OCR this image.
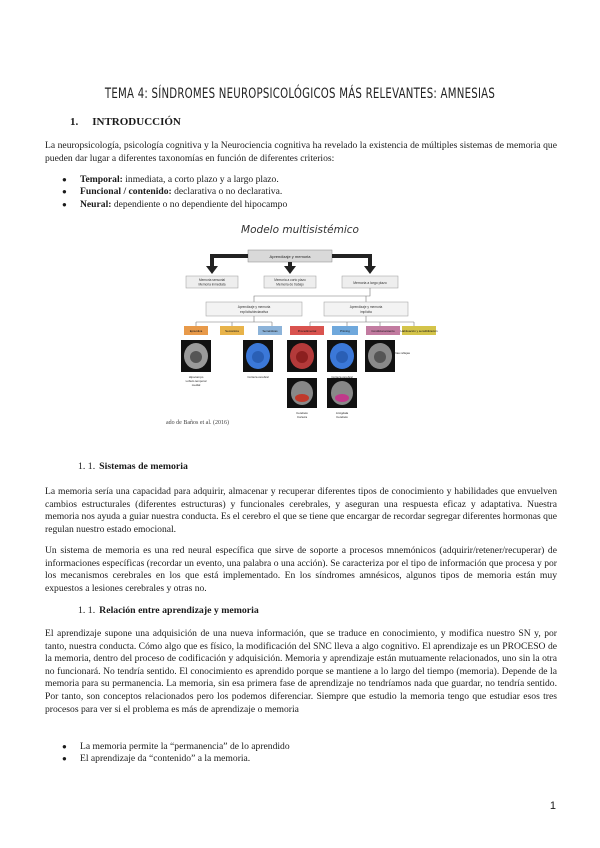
TEMA 4: SÍNDROMES NEUROPSICOLÓGICOS MÁS RELEVANTES: AMNESIAS
1. INTRODUCCIÓN

La neuropsicología, psicología cognitiva y la Neurociencia cognitiva ha revelado la existencia de múltiples sistemas de memoria que pueden dar lugar a diferentes taxonomías en función de diferentes criterios:

● Temporal: inmediata, a corto plazo y a largo plazo.
● Funcional / contenido: declarativa o no declarativa.
● Neural: dependiente o no dependiente del hipocampo
Modelo multisistémico
Aprendizaje y memoria
Memoria sensorial
Memoria inmediata
Memoria a corto plazo
Memoria de trabajo	Memoria a largo plazo
Aprendizaje y memoria
explícita/declarativa
Aprendizaje y memoria
implícita
Episódica	Semántica	Semánticas	Procedimental	Priming	Condicionamiento Habituación y sensibilización
Hipocampo
Lóbulo temporal
medial
Corteza cerebral
Cerebelo
Corteza
Corteza cerebral
Amígdala
Cerebelo
Vías reflejas
ado de Baños et al. (2016)
1. 1. Sistemas de memoria

La memoria sería una capacidad para adquirir, almacenar y recuperar diferentes tipos de conocimiento y habilidades que envuelven cambios estructurales (diferentes estructuras) y funcionales cerebrales, y aseguran una respuesta eficaz y adaptativa. Nuestra memoria nos ayuda a guiar nuestra conducta. Es el cerebro el que se tiene que encargar de recordar segregar diferentes hormonas que regulan nuestro estado emocional.

Un sistema de memoria es una red neural específica que sirve de soporte a procesos mnemónicos (adquirir/retener/recuperar) de informaciones específicas (recordar un evento, una palabra o una acción). Se caracteriza por el tipo de información que procesa y por los mecanismos cerebrales en los que está implementado. En los síndromes amnésicos, algunos tipos de memoria están muy expuestos a lesiones cerebrales y otras no.

1. 1. Relación entre aprendizaje y memoria

El aprendizaje supone una adquisición de una nueva información, que se traduce en conocimiento, y modifica nuestro SN y, por tanto, nuestra conducta. Cómo algo que es físico, la modificación del SNC lleva a algo cognitivo. El aprendizaje es un PROCESO de la memoria, dentro del proceso de codificación y adquisición. Memoria y aprendizaje están mutuamente relacionados, uno sin la otra no funcionará. No tendría sentido. El conocimiento es aprendido porque se mantiene a lo largo del tiempo (memoria). Depende de la memoria para su permanencia. La memoria, sin esa primera fase de aprendizaje no tendríamos nada que guardar, no tendría sentido. Por tanto, son conceptos relacionados pero los podemos diferenciar. Siempre que estudio la memoria tengo que estudiar esos tres procesos para ver si el problema es más de aprendizaje o memoria

● La memoria permite la “permanencia” de lo aprendido
● El aprendizaje da “contenido” a la memoria.
1
